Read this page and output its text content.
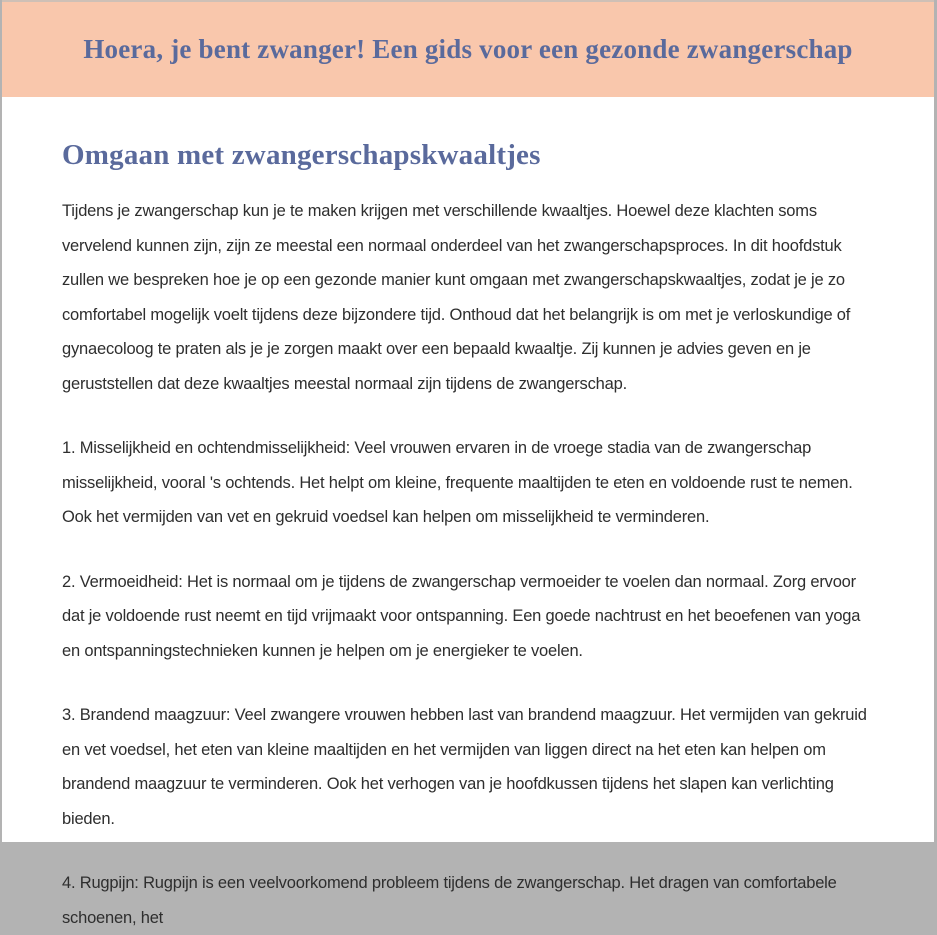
Hoera, je bent zwanger! Een gids voor een gezonde zwangerschap
Omgaan met zwangerschapskwaaltjes

Tijdens je zwangerschap kun je te maken krijgen met verschillende kwaaltjes. Hoewel deze klachten soms vervelend kunnen zijn, zijn ze meestal een normaal onderdeel van het zwangerschapsproces. In dit hoofdstuk zullen we bespreken hoe je op een gezonde manier kunt omgaan met zwangerschapskwaaltjes, zodat je je zo comfortabel mogelijk voelt tijdens deze bijzondere tijd. Onthoud dat het belangrijk is om met je verloskundige of gynaecoloog te praten als je je zorgen maakt over een bepaald kwaaltje. Zij kunnen je advies geven en je geruststellen dat deze kwaaltjes meestal normaal zijn tijdens de zwangerschap.

1. Misselijkheid en ochtendmisselijkheid: Veel vrouwen ervaren in de vroege stadia van de zwangerschap misselijkheid, vooral 's ochtends. Het helpt om kleine, frequente maaltijden te eten en voldoende rust te nemen. Ook het vermijden van vet en gekruid voedsel kan helpen om misselijkheid te verminderen.

2. Vermoeidheid: Het is normaal om je tijdens de zwangerschap vermoeider te voelen dan normaal. Zorg ervoor dat je voldoende rust neemt en tijd vrijmaakt voor ontspanning. Een goede nachtrust en het beoefenen van yoga en ontspanningstechnieken kunnen je helpen om je energieker te voelen.

3. Brandend maagzuur: Veel zwangere vrouwen hebben last van brandend maagzuur. Het vermijden van gekruid en vet voedsel, het eten van kleine maaltijden en het vermijden van liggen direct na het eten kan helpen om brandend maagzuur te verminderen. Ook het verhogen van je hoofdkussen tijdens het slapen kan verlichting bieden.

4. Rugpijn: Rugpijn is een veelvoorkomend probleem tijdens de zwangerschap. Het dragen van comfortabele schoenen, het
